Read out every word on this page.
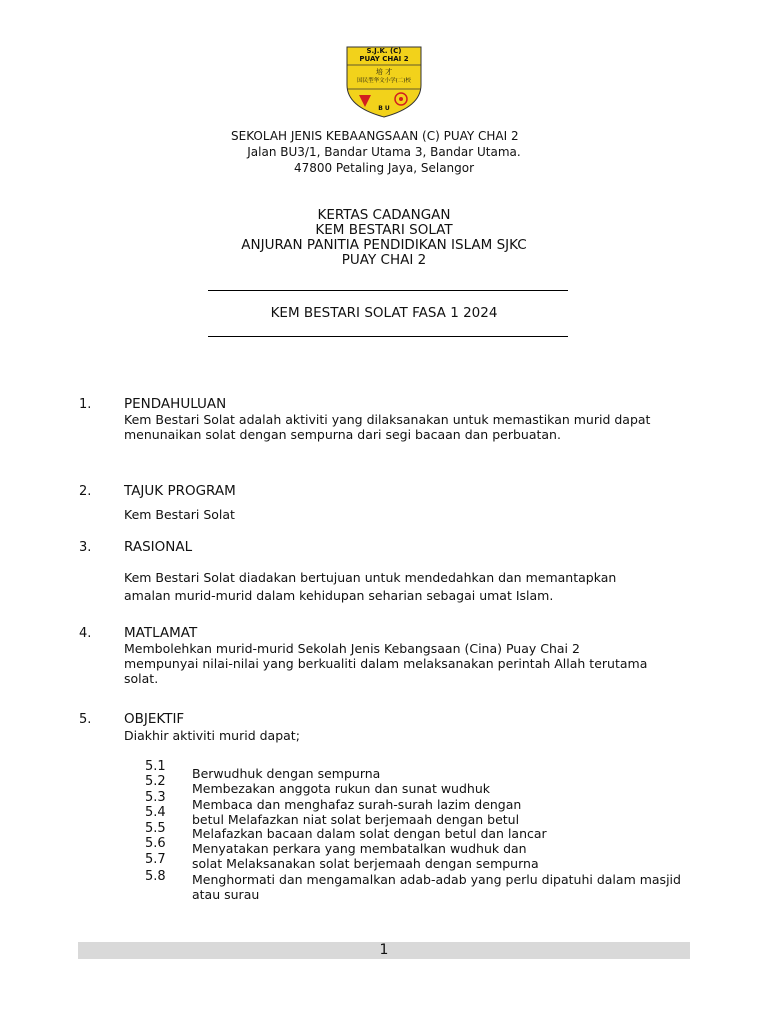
S.J.K. (C)
PUAY CHAI 2
培 才
国民型华文小学(二)校
B U
SEKOLAH JENIS KEBAANGSAAN (C) PUAY CHAI 2
Jalan BU3/1, Bandar Utama 3, Bandar Utama.
47800 Petaling Jaya, Selangor
KERTAS CADANGAN
KEM BESTARI SOLAT
ANJURAN PANITIA PENDIDIKAN ISLAM SJKC
PUAY CHAI 2
KEM BESTARI SOLAT FASA 1 2024
1. PENDAHULUAN
Kem Bestari Solat adalah aktiviti yang dilaksanakan untuk memastikan murid dapat
menunaikan solat dengan sempurna dari segi bacaan dan perbuatan.
2. TAJUK PROGRAM
Kem Bestari Solat
3. RASIONAL
Kem Bestari Solat diadakan bertujuan untuk mendedahkan dan memantapkan
amalan murid-murid dalam kehidupan seharian sebagai umat Islam.
4. MATLAMAT
Membolehkan murid-murid Sekolah Jenis Kebangsaan (Cina) Puay Chai 2
mempunyai nilai-nilai yang berkualiti dalam melaksanakan perintah Allah terutama
solat.
5. OBJEKTIF
Diakhir aktiviti murid dapat;
5.1
5.2
5.3
5.4
5.5
5.6
5.7
5.8
Berwudhuk dengan sempurna
Membezakan anggota rukun dan sunat wudhuk
Membaca dan menghafaz surah-surah lazim dengan
betul Melafazkan niat solat berjemaah dengan betul
Melafazkan bacaan dalam solat dengan betul dan lancar
Menyatakan perkara yang membatalkan wudhuk dan
solat Melaksanakan solat berjemaah dengan sempurna
Menghormati dan mengamalkan adab-adab yang perlu dipatuhi dalam masjid
atau surau
1
